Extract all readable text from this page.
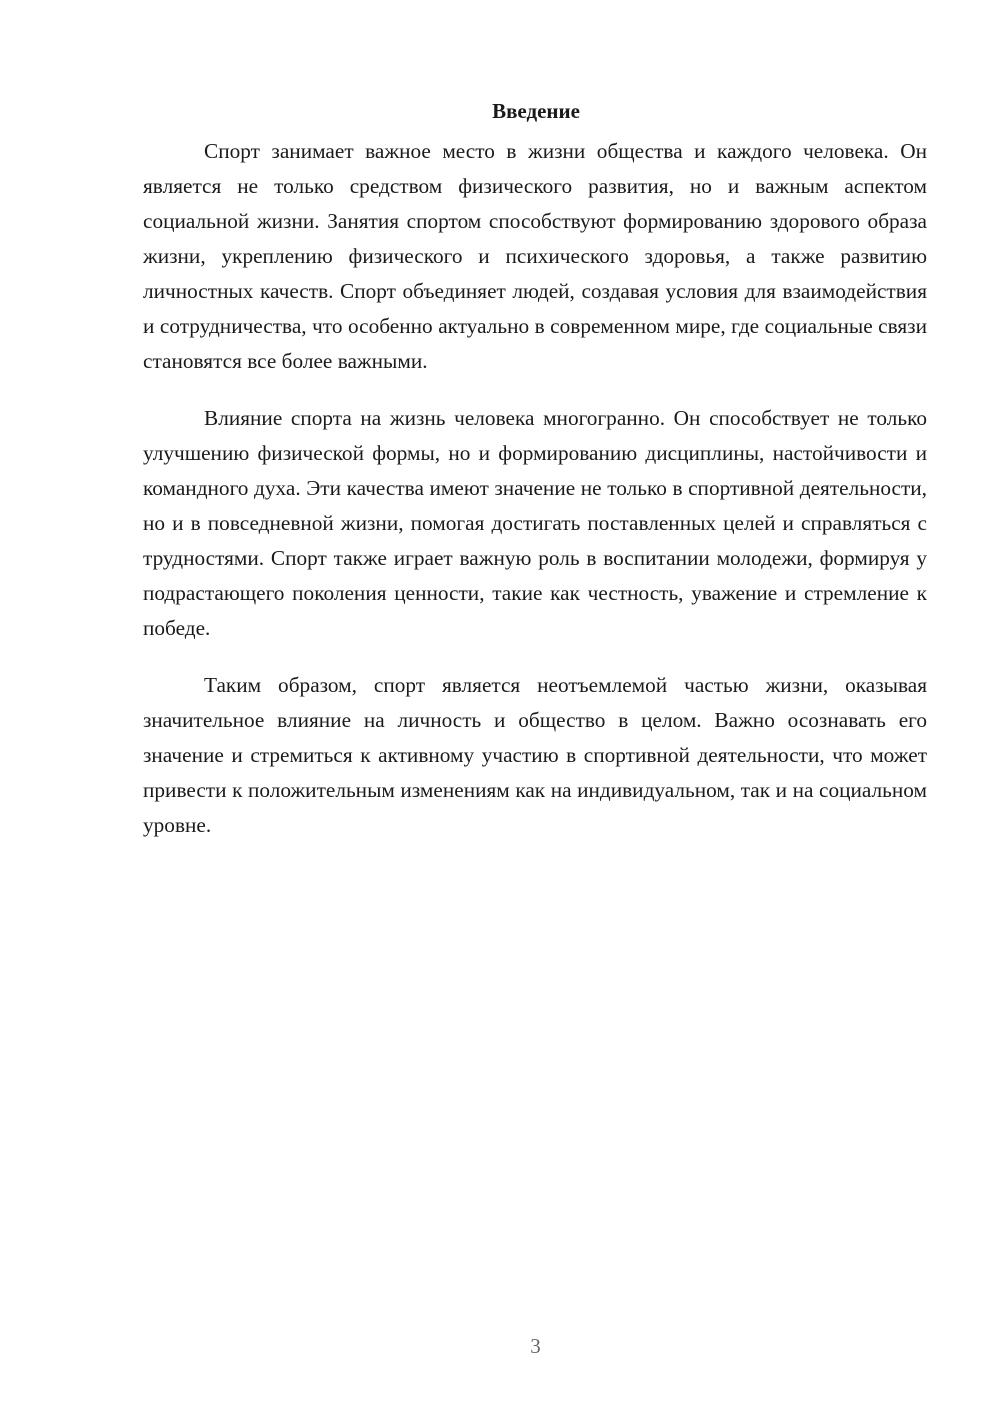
Введение

Спорт занимает важное место в жизни общества и каждого человека. Он является не только средством физического развития, но и важным аспектом социальной жизни. Занятия спортом способствуют формированию здорового образа жизни, укреплению физического и психического здоровья, а также развитию личностных качеств. Спорт объединяет людей, создавая условия для взаимодействия и сотрудничества, что особенно актуально в современном мире, где социальные связи становятся все более важными.

Влияние спорта на жизнь человека многогранно. Он способствует не только улучшению физической формы, но и формированию дисциплины, настойчивости и командного духа. Эти качества имеют значение не только в спортивной деятельности, но и в повседневной жизни, помогая достигать поставленных целей и справляться с трудностями. Спорт также играет важную роль в воспитании молодежи, формируя у подрастающего поколения ценности, такие как честность, уважение и стремление к победе.

Таким образом, спорт является неотъемлемой частью жизни, оказывая значительное влияние на личность и общество в целом. Важно осознавать его значение и стремиться к активному участию в спортивной деятельности, что может привести к положительным изменениям как на индивидуальном, так и на социальном уровне.

3
